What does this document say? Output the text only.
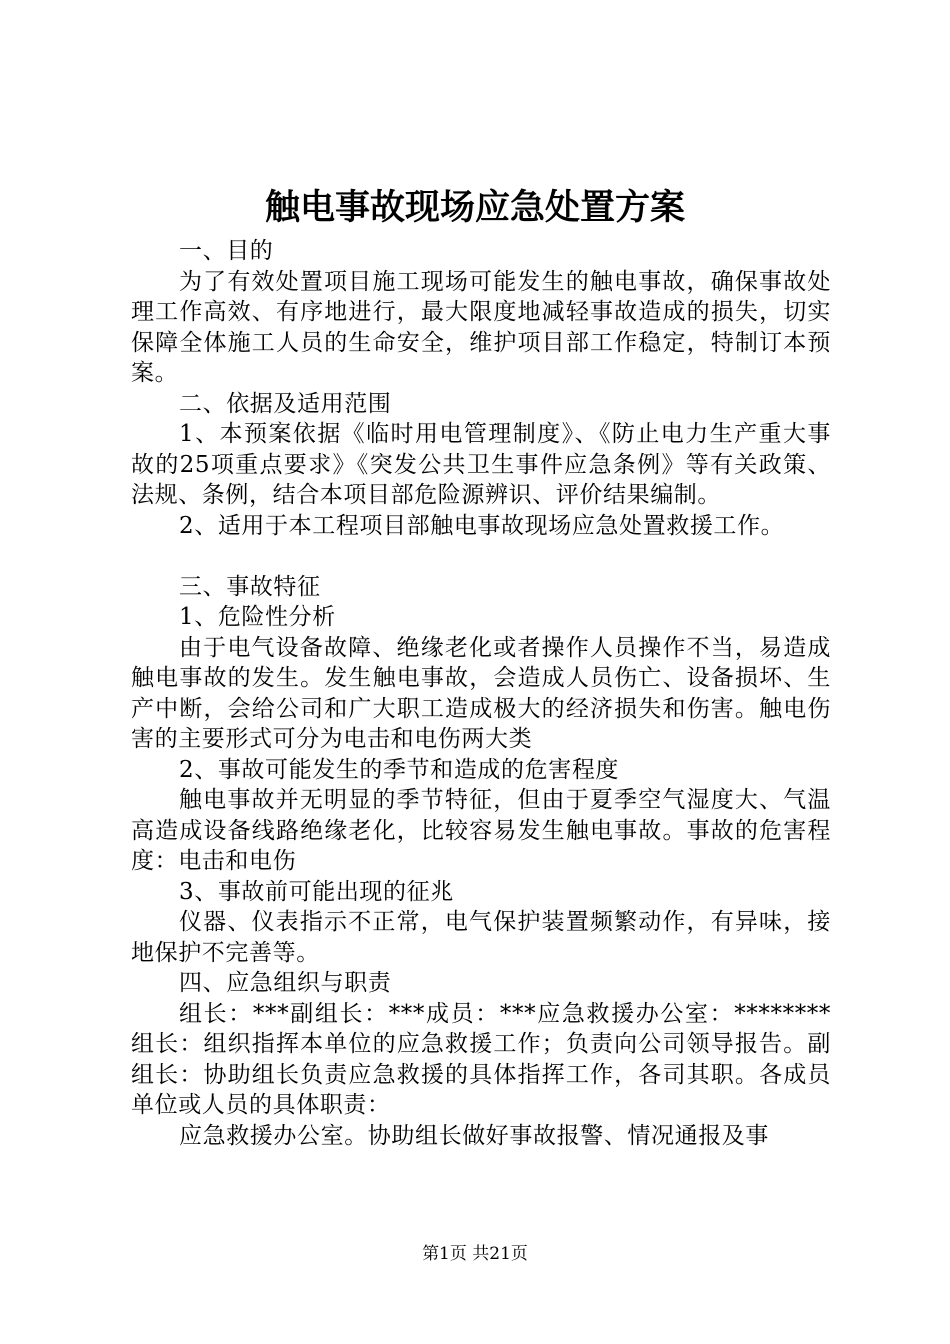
触电事故现场应急处置方案

一、目的

为了有效处置项目施工现场可能发生的触电事故，确保事故处理工作高效、有序地进行，最大限度地减轻事故造成的损失，切实保障全体施工人员的生命安全，维护项目部工作稳定，特制订本预案。

二、依据及适用范围

1、本预案依据《临时用电管理制度》、《防止电力生产重大事故的25项重点要求》《突发公共卫生事件应急条例》等有关政策、法规、条例，结合本项目部危险源辨识、评价结果编制。

2、适用于本工程项目部触电事故现场应急处置救援工作。

三、事故特征

1、危险性分析

由于电气设备故障、绝缘老化或者操作人员操作不当，易造成触电事故的发生。发生触电事故，会造成人员伤亡、设备损坏、生产中断，会给公司和广大职工造成极大的经济损失和伤害。触电伤害的主要形式可分为电击和电伤两大类

2、事故可能发生的季节和造成的危害程度

触电事故并无明显的季节特征，但由于夏季空气湿度大、气温高造成设备线路绝缘老化，比较容易发生触电事故。事故的危害程度：电击和电伤

3、事故前可能出现的征兆

仪器、仪表指示不正常，电气保护装置频繁动作，有异味，接地保护不完善等。

四、应急组织与职责

组长：***副组长：***成员：***应急救援办公室：********组长：组织指挥本单位的应急救援工作；负责向公司领导报告。副组长：协助组长负责应急救援的具体指挥工作，各司其职。各成员单位或人员的具体职责：

应急救援办公室。协助组长做好事故报警、情况通报及事

第1页 共21页
